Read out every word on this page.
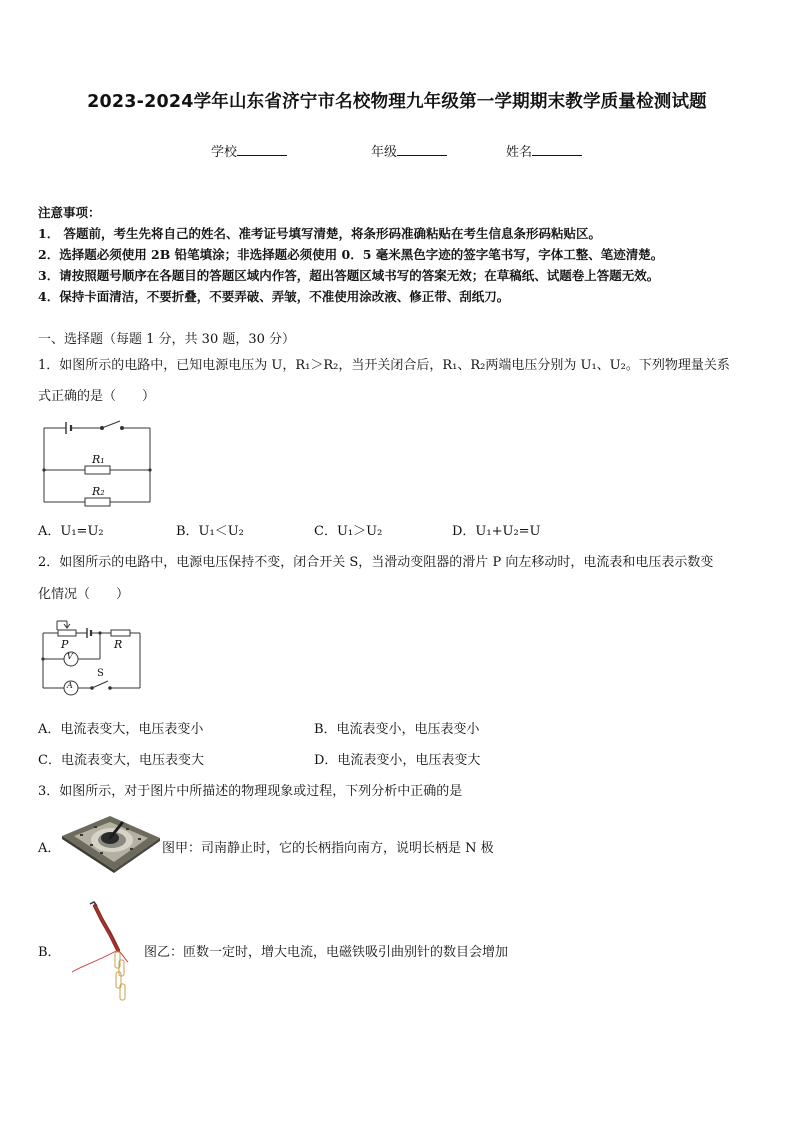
2023-2024学年山东省济宁市名校物理九年级第一学期期末教学质量检测试题
学校	年级	姓名
注意事项：
1． 答题前，考生先将自己的姓名、准考证号填写清楚，将条形码准确粘贴在考生信息条形码粘贴区。
2．选择题必须使用 2B 铅笔填涂；非选择题必须使用 0．5 毫米黑色字迹的签字笔书写，字体工整、笔迹清楚。
3．请按照题号顺序在各题目的答题区域内作答，超出答题区域书写的答案无效；在草稿纸、试题卷上答题无效。
4．保持卡面清洁，不要折叠，不要弄破、弄皱，不准使用涂改液、修正带、刮纸刀。
一、选择题（每题 1 分，共 30 题，30 分）
1．如图所示的电路中，已知电源电压为 U，R₁＞R₂，当开关闭合后，R₁、R₂两端电压分别为 U₁、U₂。下列物理量关系
式正确的是（　　）
R₁
R₂
A．U₁=U₂	B．U₁＜U₂	C．U₁＞U₂	D．U₁+U₂=U
2．如图所示的电路中，电源电压保持不变，闭合开关 S，当滑动变阻器的滑片 P 向左移动时，电流表和电压表示数变
化情况（　　）
P	R
V
A
S
A．电流表变大，电压表变小	B．电流表变小，电压表变小
C．电流表变大，电压表变大	D．电流表变小，电压表变大
3．如图所示，对于图片中所描述的物理现象或过程，下列分析中正确的是
A．	图甲：司南静止时，它的长柄指向南方，说明长柄是 N 极
B．	图乙：匝数一定时，增大电流，电磁铁吸引曲别针的数目会增加
